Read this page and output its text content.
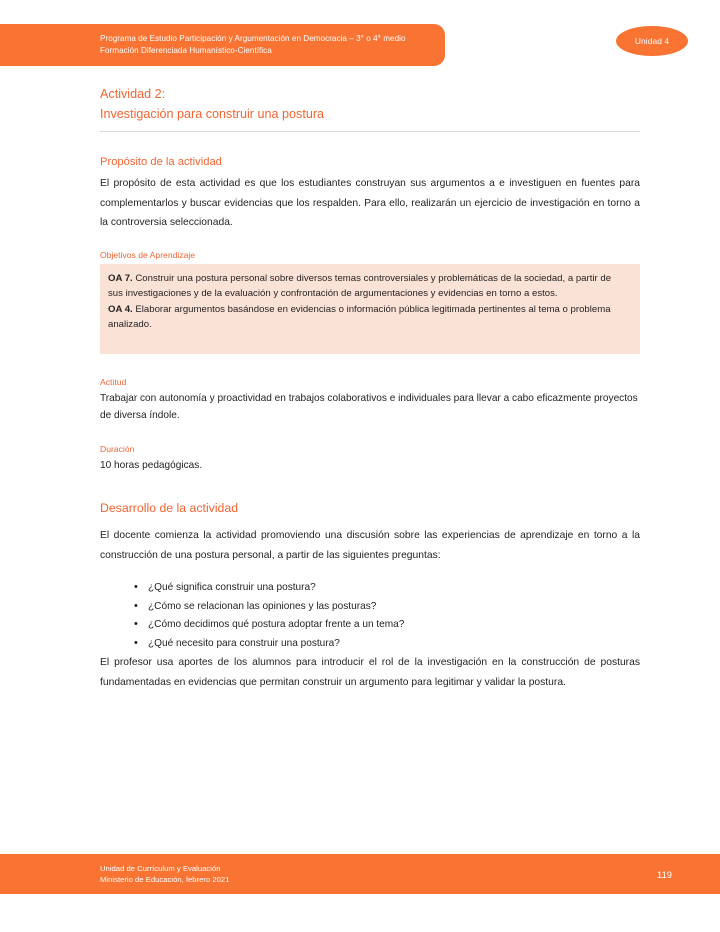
Programa de Estudio Participación y Argumentación en Democracia – 3° o 4° medio
Formación Diferenciada Humanístico-Científica
Unidad 4
Actividad 2:
Investigación para construir una postura
Propósito de la actividad

El propósito de esta actividad es que los estudiantes construyan sus argumentos a e investiguen en fuentes para complementarlos y buscar evidencias que los respalden. Para ello, realizarán un ejercicio de investigación en torno a la controversia seleccionada.

Objetivos de Aprendizaje

OA 7. Construir una postura personal sobre diversos temas controversiales y problemáticas de la sociedad, a partir de sus investigaciones y de la evaluación y confrontación de argumentaciones y evidencias en torno a estos.

OA 4. Elaborar argumentos basándose en evidencias o información pública legitimada pertinentes al tema o problema analizado.

Actitud

Trabajar con autonomía y proactividad en trabajos colaborativos e individuales para llevar a cabo eficazmente proyectos de diversa índole.

Duración

10 horas pedagógicas.

Desarrollo de la actividad

El docente comienza la actividad promoviendo una discusión sobre las experiencias de aprendizaje en torno a la construcción de una postura personal, a partir de las siguientes preguntas:

• ¿Qué significa construir una postura?
• ¿Cómo se relacionan las opiniones y las posturas?
• ¿Cómo decidimos qué postura adoptar frente a un tema?
• ¿Qué necesito para construir una postura?

El profesor usa aportes de los alumnos para introducir el rol de la investigación en la construcción de posturas fundamentadas en evidencias que permitan construir un argumento para legitimar y validar la postura.

Unidad de Currículum y Evaluación
Ministerio de Educación, febrero 2021	119
